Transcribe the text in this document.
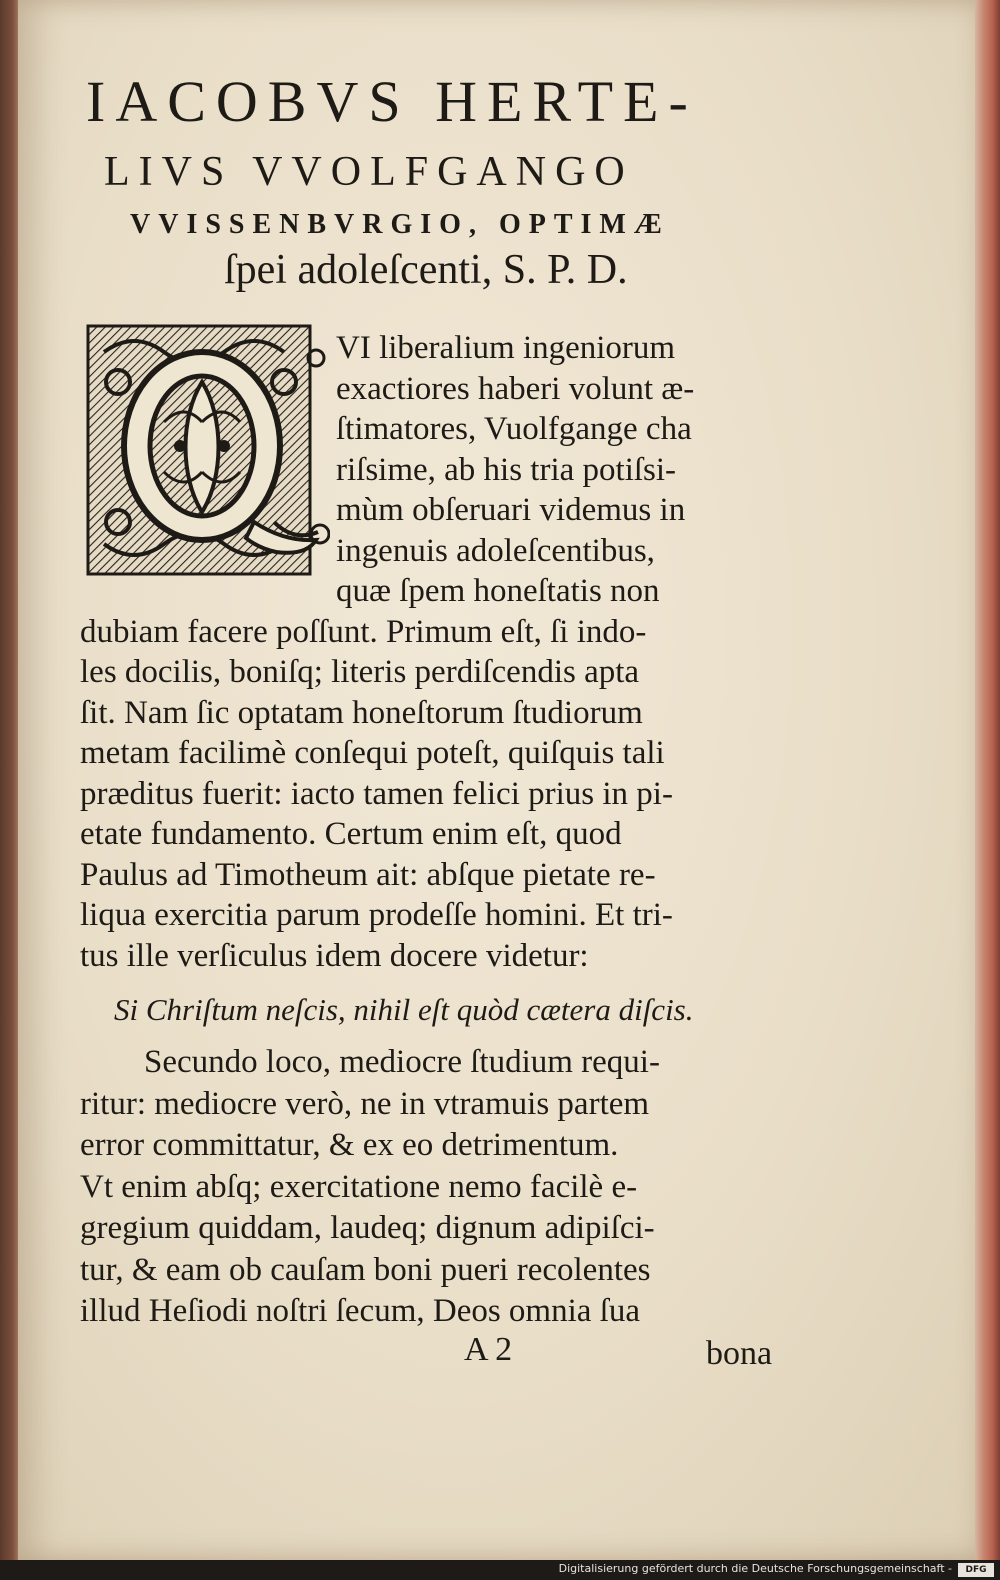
IACOBVS HERTE-
LIVS VVOLFGANGO
VVISSENBVRGIO, OPTIMÆ
ſpei adoleſcenti, S. P. D.
VI liberalium ingeniorum
exactiores haberi volunt æ-
ſtimatores, Vuolfgange cha
riſsime, ab his tria potiſsi-
mùm obſeruari videmus in
ingenuis adoleſcentibus,
quæ ſpem honeſtatis non
dubiam facere poſſunt. Primum eſt, ſi indo-
les docilis, boniſq; literis perdiſcendis apta
ſit. Nam ſic optatam honeſtorum ſtudiorum
metam facilimè conſequi poteſt, quiſquis tali
præditus fuerit: iacto tamen felici prius in pi-
etate fundamento. Certum enim eſt, quod
Paulus ad Timotheum ait: abſque pietate re-
liqua exercitia parum prodeſſe homini. Et tri-
tus ille verſiculus idem docere videtur:
Si Chriſtum neſcis, nihil eſt quòd cætera diſcis.
Secundo loco, mediocre ſtudium requi-
ritur: mediocre verò, ne in vtramuis partem
error committatur, & ex eo detrimentum.
Vt enim abſq; exercitatione nemo facilè e-
gregium quiddam, laudeq; dignum adipiſci-
tur, & eam ob cauſam boni pueri recolentes
illud Heſiodi noſtri ſecum, Deos omnia ſua
A 2	bona
Digitalisierung gefördert durch die Deutsche Forschungsgemeinschaft -	DFG
